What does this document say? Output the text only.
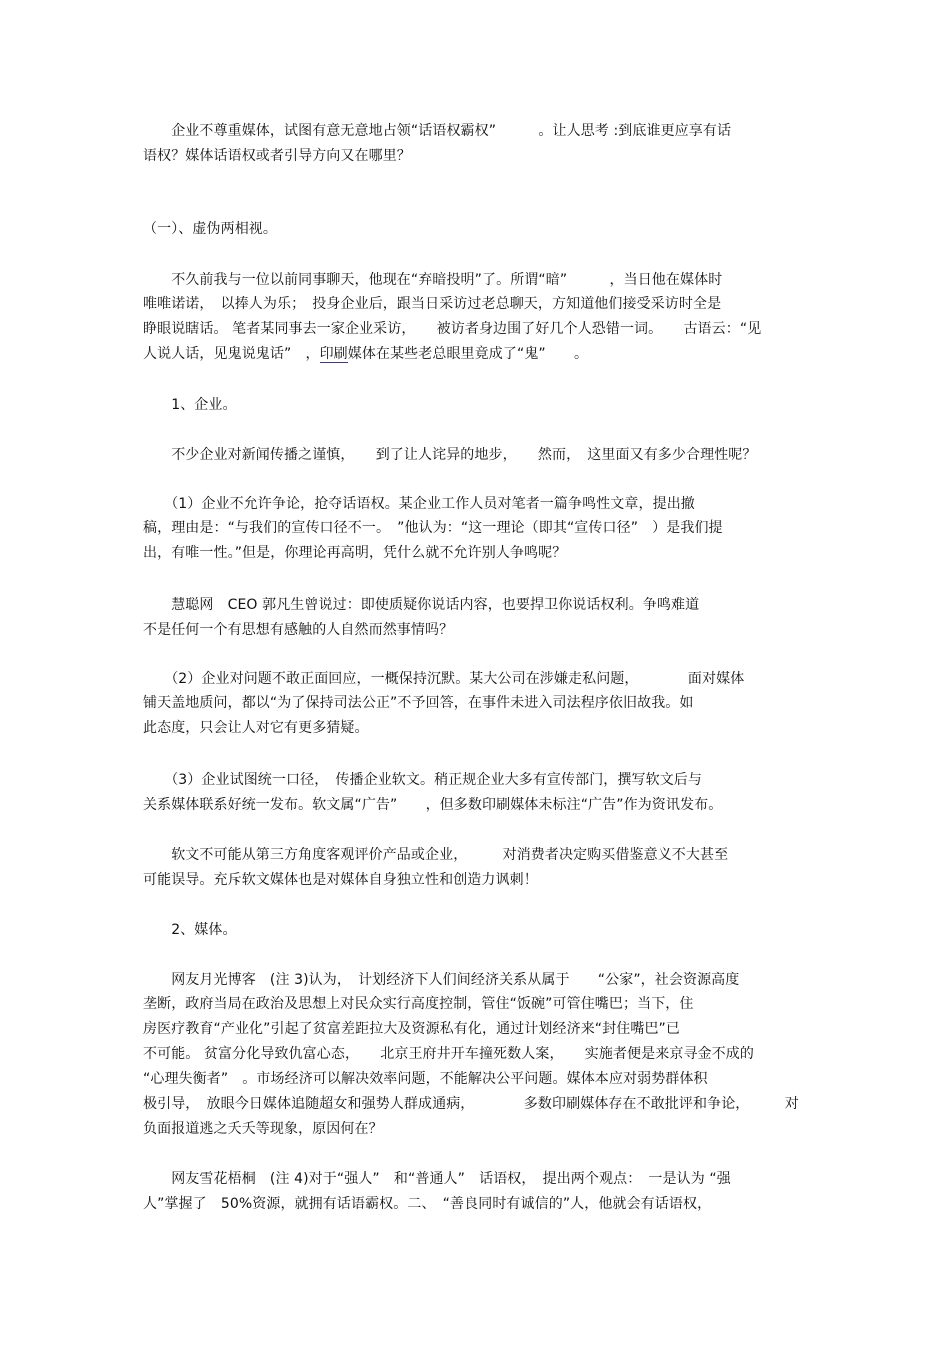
　　企业不尊重媒体，试图有意无意地占领“话语权霸权”　　　。让人思考 :到底谁更应享有话
语权？媒体话语权或者引导方向又在哪里？
（一）、虚伪两相视。
　　不久前我与一位以前同事聊天，他现在“弃暗投明”了。所谓“暗”　　　，当日他在媒体时
唯唯诺诺，　以捧人为乐；　投身企业后，跟当日采访过老总聊天，方知道他们接受采访时全是
睁眼说瞎话。 笔者某同事去一家企业采访，　　被访者身边围了好几个人恐错一词。　　古语云：“见
人说人话，见鬼说鬼话”　，印刷媒体在某些老总眼里竟成了“鬼”　　。
　　1、企业。
　　不少企业对新闻传播之谨慎，　　到了让人诧异的地步，　　然而，　这里面又有多少合理性呢？
　　（1）企业不允许争论，抢夺话语权。某企业工作人员对笔者一篇争鸣性文章，提出撤
稿，理由是：“与我们的宣传口径不一。　”他认为：“这一理论（即其“宣传口径”　）是我们提
出，有唯一性。”但是，你理论再高明，凭什么就不允许别人争鸣呢？
　　慧聪网　CEO 郭凡生曾说过：即使质疑你说话内容，也要捍卫你说话权利。争鸣难道
不是任何一个有思想有感触的人自然而然事情吗？
　　（2）企业对问题不敢正面回应，一概保持沉默。某大公司在涉嫌走私问题，　　　　面对媒体
铺天盖地质问，都以“为了保持司法公正”不予回答，在事件未进入司法程序依旧故我。如
此态度，只会让人对它有更多猜疑。
　　（3）企业试图统一口径，　传播企业软文。稍正规企业大多有宣传部门，撰写软文后与
关系媒体联系好统一发布。软文属“广告”　　，但多数印刷媒体未标注“广告”作为资讯发布。
　　软文不可能从第三方角度客观评价产品或企业，　　　对消费者决定购买借鉴意义不大甚至
可能误导。充斥软文媒体也是对媒体自身独立性和创造力讽刺！
　　2、媒体。
　　网友月光博客　(注 3)认为，　计划经济下人们间经济关系从属于　　“公家”，社会资源高度
垄断，政府当局在政治及思想上对民众实行高度控制，管住“饭碗”可管住嘴巴；当下，住
房医疗教育“产业化”引起了贫富差距拉大及资源私有化，通过计划经济来“封住嘴巴”已
不可能。 贫富分化导致仇富心态，　　北京王府井开车撞死数人案，　　实施者便是来京寻金不成的
“心理失衡者”　。市场经济可以解决效率问题，不能解决公平问题。媒体本应对弱势群体积
极引导，　放眼今日媒体追随超女和强势人群成通病，　　　　多数印刷媒体存在不敢批评和争论，　　　对
负面报道逃之夭夭等现象，原因何在？
　　网友雪花梧桐　(注 4)对于“强人”　和“普通人”　话语权，　提出两个观点：　一是认为 “强
人”掌握了　50%资源，就拥有话语霸权。二、　“善良同时有诚信的”人，他就会有话语权，
